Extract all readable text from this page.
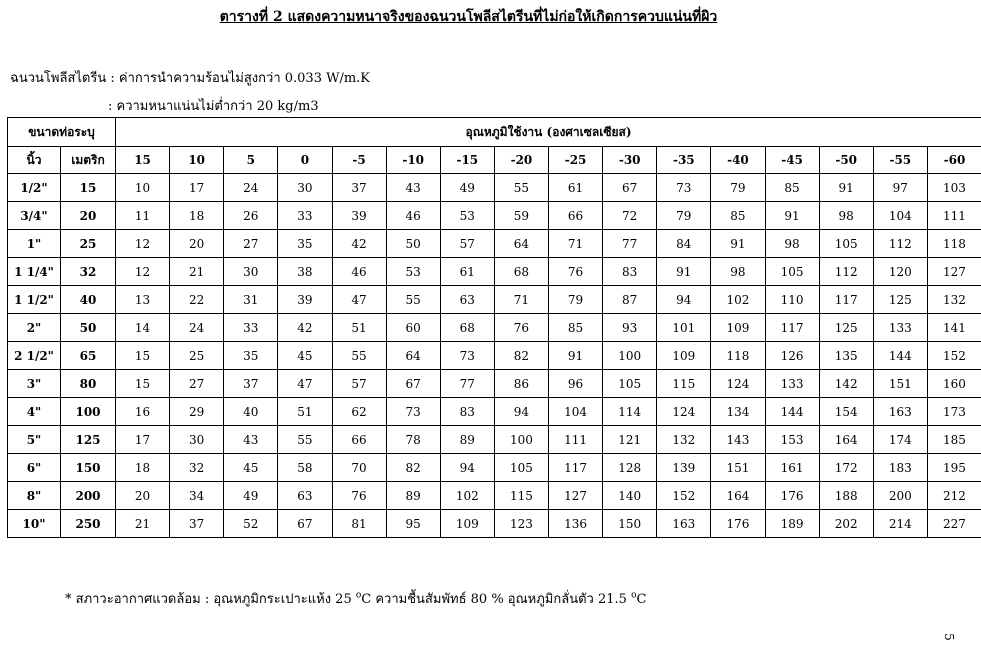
ตารางที่ 2 แสดงความหนาจริงของฉนวนโพลีสไตรีนที่ไม่ก่อให้เกิดการควบแน่นที่ผิว
ฉนวนโพลีสไตรีน : ค่าการนำความร้อนไม่สูงกว่า 0.033 W/m.K
: ความหนาแน่นไม่ต่ำกว่า 20 kg/m3
ขนาดท่อระบุ		อุณหภูมิใช้งาน (องศาเซลเซียส)															
นิ้ว	เมตริก	15	10	5	0	-5	-10	-15	-20	-25	-30	-35	-40	-45	-50	-55	-60
1/2"	15	10	17	24	30	37	43	49	55	61	67	73	79	85	91	97	103
3/4"	20	11	18	26	33	39	46	53	59	66	72	79	85	91	98	104	111
1"	25	12	20	27	35	42	50	57	64	71	77	84	91	98	105	112	118
1 1/4"	32	12	21	30	38	46	53	61	68	76	83	91	98	105	112	120	127
1 1/2"	40	13	22	31	39	47	55	63	71	79	87	94	102	110	117	125	132
2"	50	14	24	33	42	51	60	68	76	85	93	101	109	117	125	133	141
2 1/2"	65	15	25	35	45	55	64	73	82	91	100	109	118	126	135	144	152
3"	80	15	27	37	47	57	67	77	86	96	105	115	124	133	142	151	160
4"	100	16	29	40	51	62	73	83	94	104	114	124	134	144	154	163	173
5"	125	17	30	43	55	66	78	89	100	111	121	132	143	153	164	174	185
6"	150	18	32	45	58	70	82	94	105	117	128	139	151	161	172	183	195
8"	200	20	34	49	63	76	89	102	115	127	140	152	164	176	188	200	212
10"	250	21	37	52	67	81	95	109	123	136	150	163	176	189	202	214	227
* สภาวะอากาศแวดล้อม : อุณหภูมิกระเปาะแห้ง 25 $^o$C ความชื้นสัมพัทธ์ 80 % อุณหภูมิกลั่นตัว 21.5 $^o$C
5
